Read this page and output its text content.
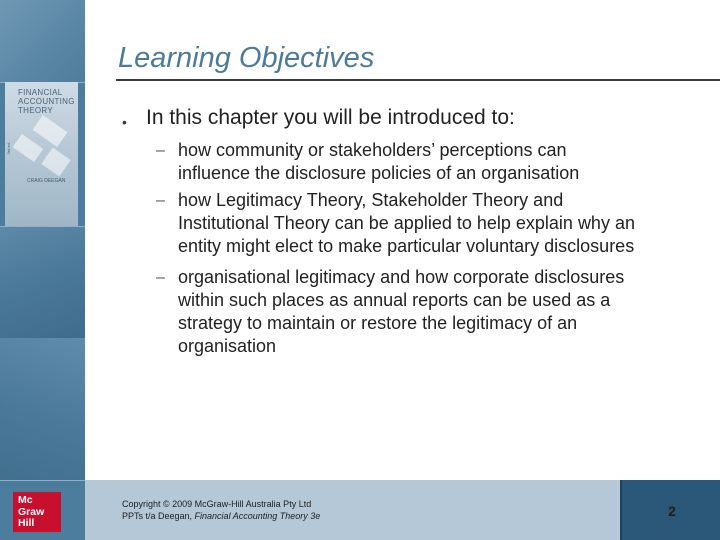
FINANCIAL
ACCOUNTING
THEORY
3rd ed.
CRAIG DEEGAN
Mc
Graw
Hill
Learning Objectives
• In this chapter you will be introduced to:
– how community or stakeholders’ perceptions can
influence the disclosure policies of an organisation
– how Legitimacy Theory, Stakeholder Theory and
Institutional Theory can be applied to help explain why an
entity might elect to make particular voluntary disclosures
– organisational legitimacy and how corporate disclosures
within such places as annual reports can be used as a
strategy to maintain or restore the legitimacy of an
organisation
Copyright © 2009 McGraw-Hill Australia Pty Ltd
PPTs t/a Deegan, Financial Accounting Theory 3e	2
